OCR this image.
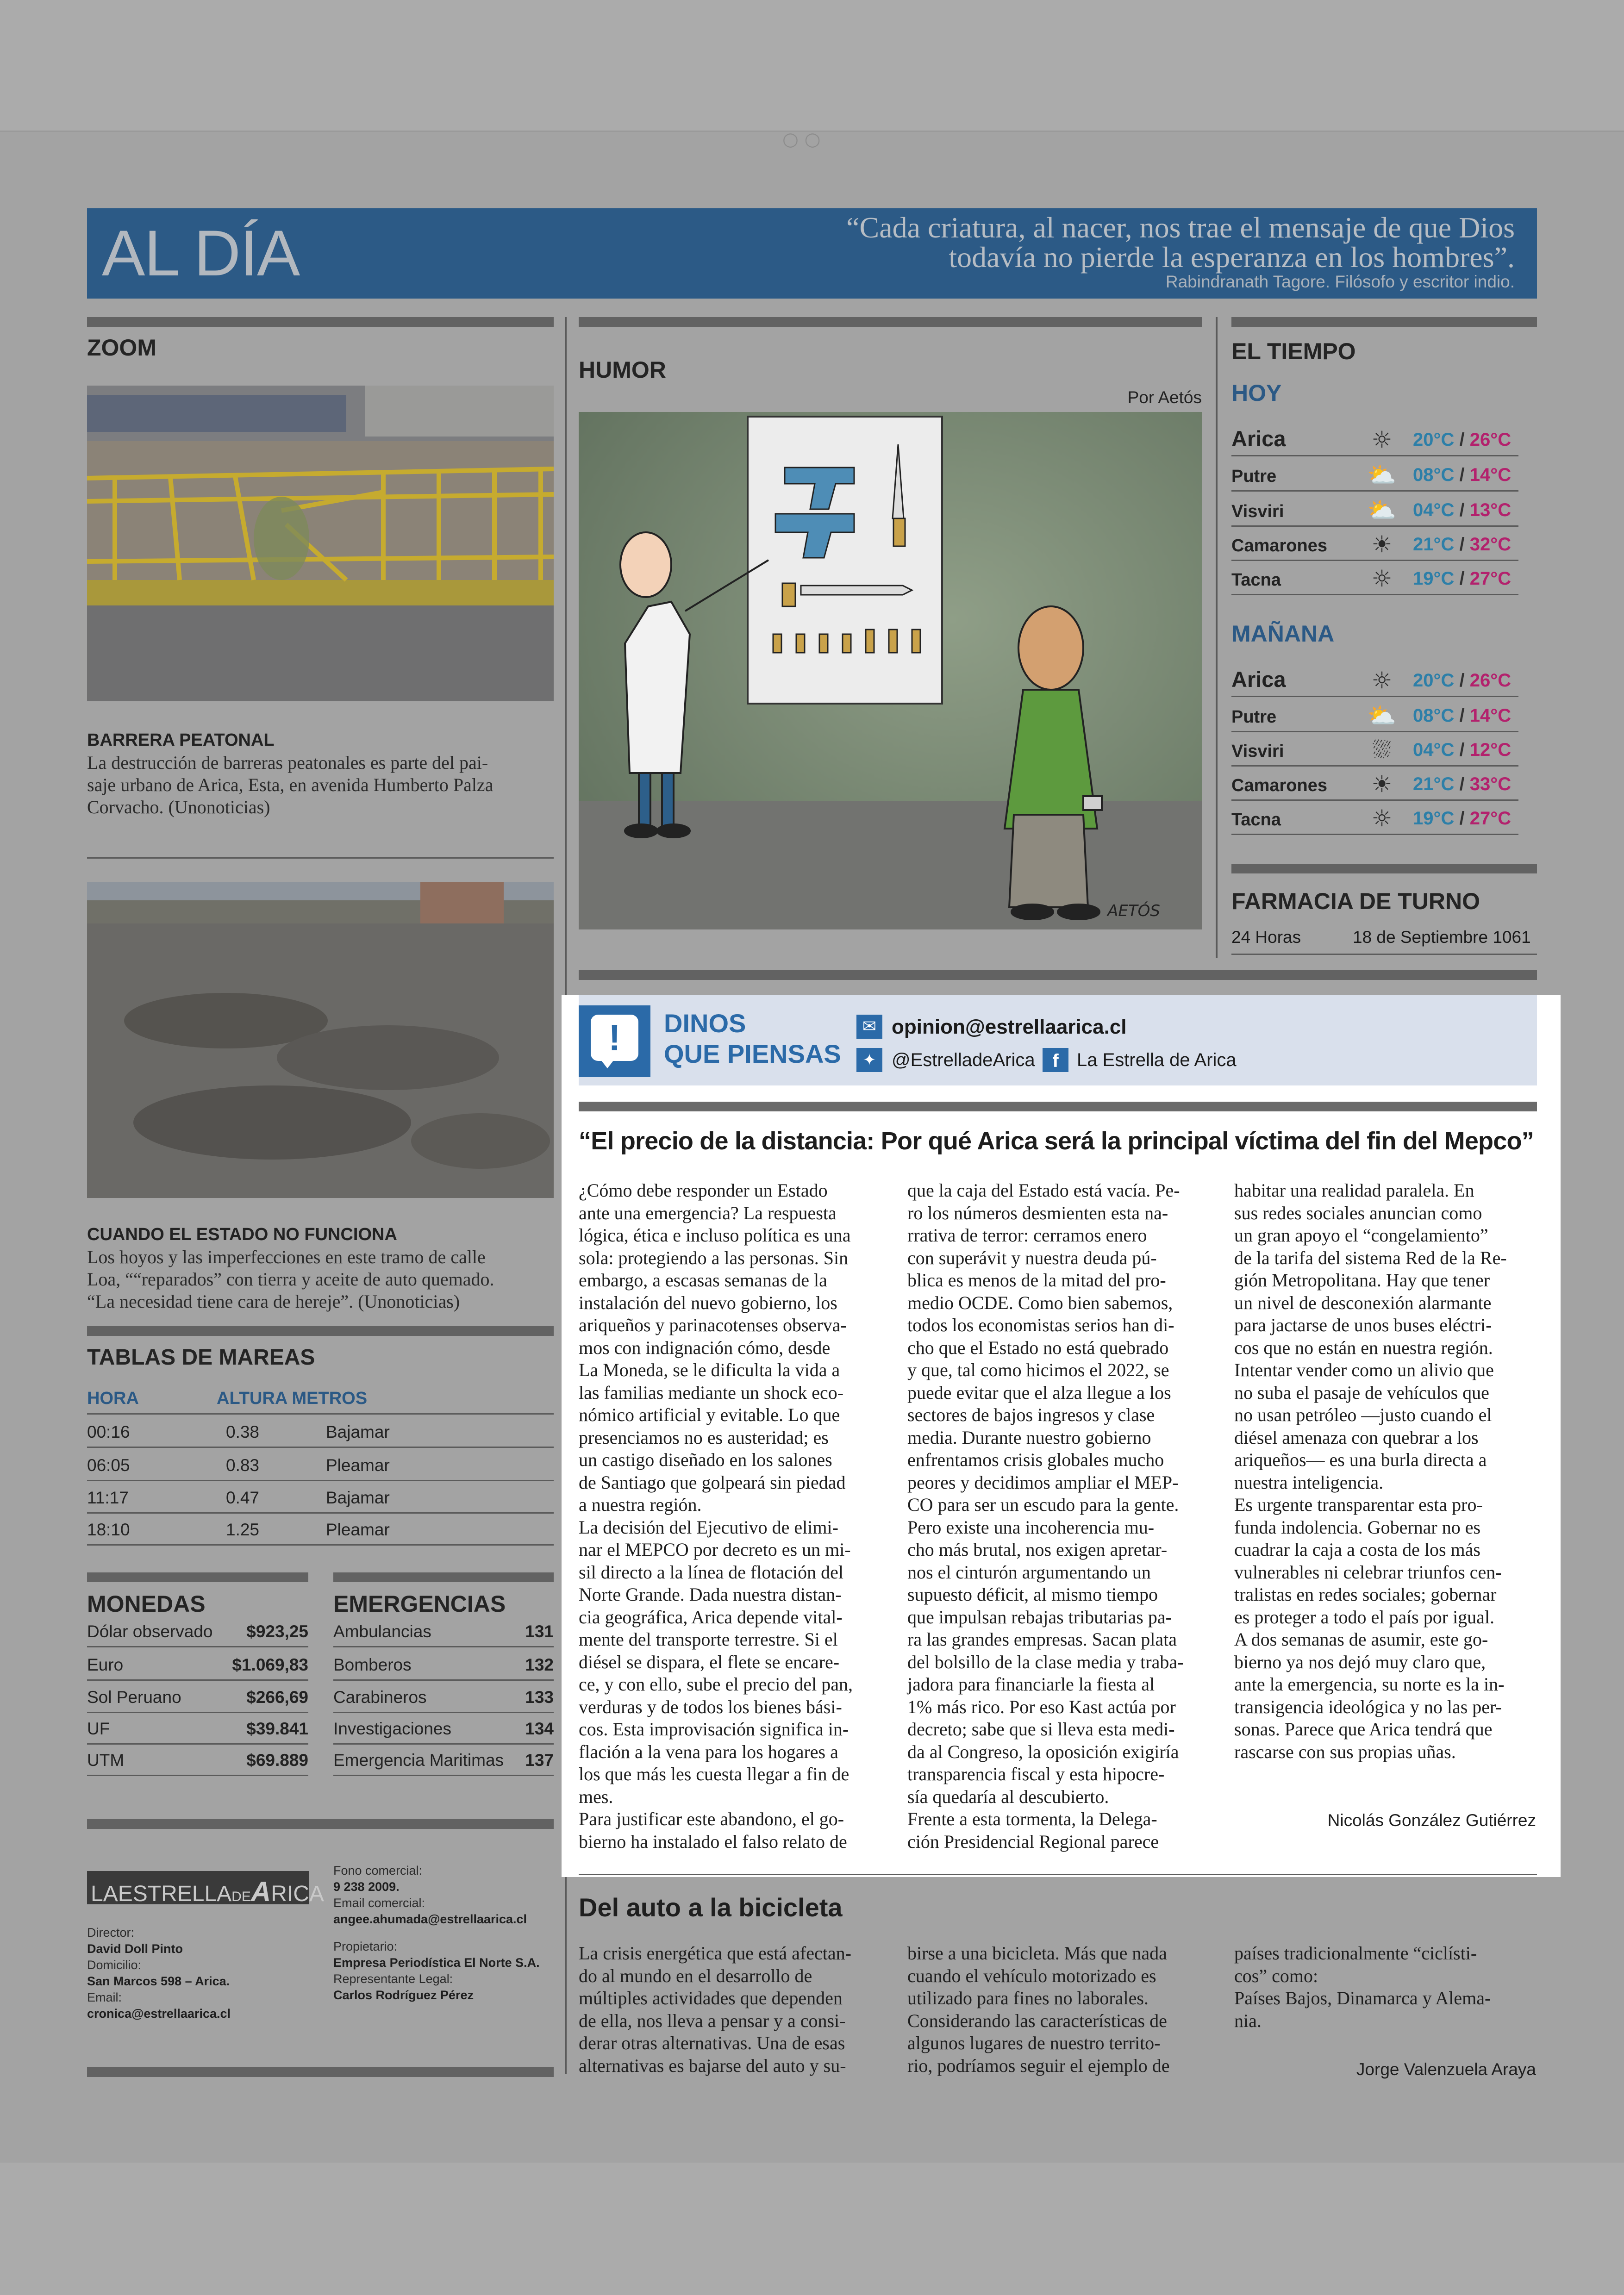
○ ○
AL DÍA	“Cada criatura, al nacer, nos trae el mensaje de que Dios
todavía no pierde la esperanza en los hombres”.
Rabindranath Tagore. Filósofo y escritor indio.
ZOOM
BARRERA PEATONAL
La destrucción de barreras peatonales es parte del pai-
saje urbano de Arica, Esta, en avenida Humberto Palza
Corvacho. (Unonoticias)
CUANDO EL ESTADO NO FUNCIONA
Los hoyos y las imperfecciones en este tramo de calle
Loa, ““reparados” con tierra y aceite de auto quemado.
“La necesidad tiene cara de hereje”. (Unonoticias)
TABLAS DE MAREAS
HORA	ALTURA METROS
00:16	0.38	Bajamar
06:05	0.83	Pleamar
11:17	0.47	Bajamar
18:10	1.25	Pleamar
MONEDAS
Dólar observado $923,25
Euro	$1.069,83
Sol Peruano	$266,69
UF	$39.841
UTM	$69.889
EMERGENCIAS
Ambulancias	131
Bomberos	132
Carabineros	133
Investigaciones	134
Emergencia Maritimas 137
LAESTRELLADEARICA
Director:
David Doll Pinto
Domicilio:
San Marcos 598 – Arica.
Email:
cronica@estrellaarica.cl
Fono comercial:
9 238 2009.
Email comercial:
angee.ahumada@estrellaarica.cl
Propietario:
Empresa Periodística El Norte S.A.
Representante Legal:
Carlos Rodríguez Pérez
HUMOR
Por Aetós
AETÓS
EL TIEMPO
HOY
Arica	☼	20°C / 26°C
Putre	⛅ 08°C / 14°C
Visviri	⛅ 04°C / 13°C
Camarones ☀	21°C / 32°C
Tacna	☼	19°C / 27°C
MAÑANA
Arica	☼	20°C / 26°C
Putre	⛅ 08°C / 14°C
Visviri	⛆	04°C / 12°C
Camarones ☀	21°C / 33°C
Tacna	☼	19°C / 27°C
FARMACIA DE TURNO
24 Horas	18 de Septiembre 1061
!	DINOS
QUE PIENSAS
✉ opinion@estrellaarica.cl
✦ @EstrelladeArica f La Estrella de Arica
“El precio de la distancia: Por qué Arica será la principal víctima del fin del Mepco”
¿Cómo debe responder un Estado
ante una emergencia? La respuesta
lógica, ética e incluso política es una
sola: protegiendo a las personas. Sin
embargo, a escasas semanas de la
instalación del nuevo gobierno, los
ariqueños y parinacotenses observa-
mos con indignación cómo, desde
La Moneda, se le dificulta la vida a
las familias mediante un shock eco-
nómico artificial y evitable. Lo que
presenciamos no es austeridad; es
un castigo diseñado en los salones
de Santiago que golpeará sin piedad
a nuestra región.
La decisión del Ejecutivo de elimi-
nar el MEPCO por decreto es un mi-
sil directo a la línea de flotación del
Norte Grande. Dada nuestra distan-
cia geográfica, Arica depende vital-
mente del transporte terrestre. Si el
diésel se dispara, el flete se encare-
ce, y con ello, sube el precio del pan,
verduras y de todos los bienes bási-
cos. Esta improvisación significa in-
flación a la vena para los hogares a
los que más les cuesta llegar a fin de
mes.
Para justificar este abandono, el go-
bierno ha instalado el falso relato de
que la caja del Estado está vacía. Pe-
ro los números desmienten esta na-
rrativa de terror: cerramos enero
con superávit y nuestra deuda pú-
blica es menos de la mitad del pro-
medio OCDE. Como bien sabemos,
todos los economistas serios han di-
cho que el Estado no está quebrado
y que, tal como hicimos el 2022, se
puede evitar que el alza llegue a los
sectores de bajos ingresos y clase
media. Durante nuestro gobierno
enfrentamos crisis globales mucho
peores y decidimos ampliar el MEP-
CO para ser un escudo para la gente.
Pero existe una incoherencia mu-
cho más brutal, nos exigen apretar-
nos el cinturón argumentando un
supuesto déficit, al mismo tiempo
que impulsan rebajas tributarias pa-
ra las grandes empresas. Sacan plata
del bolsillo de la clase media y traba-
jadora para financiarle la fiesta al
1% más rico. Por eso Kast actúa por
decreto; sabe que si lleva esta medi-
da al Congreso, la oposición exigiría
transparencia fiscal y esta hipocre-
sía quedaría al descubierto.
Frente a esta tormenta, la Delega-
ción Presidencial Regional parece
habitar una realidad paralela. En
sus redes sociales anuncian como
un gran apoyo el “congelamiento”
de la tarifa del sistema Red de la Re-
gión Metropolitana. Hay que tener
un nivel de desconexión alarmante
para jactarse de unos buses eléctri-
cos que no están en nuestra región.
Intentar vender como un alivio que
no suba el pasaje de vehículos que
no usan petróleo —justo cuando el
diésel amenaza con quebrar a los
ariqueños— es una burla directa a
nuestra inteligencia.
Es urgente transparentar esta pro-
funda indolencia. Gobernar no es
cuadrar la caja a costa de los más
vulnerables ni celebrar triunfos cen-
tralistas en redes sociales; gobernar
es proteger a todo el país por igual.
A dos semanas de asumir, este go-
bierno ya nos dejó muy claro que,
ante la emergencia, su norte es la in-
transigencia ideológica y no las per-
sonas. Parece que Arica tendrá que
rascarse con sus propias uñas.
Nicolás González Gutiérrez
Del auto a la bicicleta
La crisis energética que está afectan-
do al mundo en el desarrollo de
múltiples actividades que dependen
de ella, nos lleva a pensar y a consi-
derar otras alternativas. Una de esas
alternativas es bajarse del auto y su-
birse a una bicicleta. Más que nada
cuando el vehículo motorizado es
utilizado para fines no laborales.
Considerando las características de
algunos lugares de nuestro territo-
rio, podríamos seguir el ejemplo de
países tradicionalmente “ciclísti-
cos” como:
Países Bajos, Dinamarca y Alema-
nia.
Jorge Valenzuela Araya
